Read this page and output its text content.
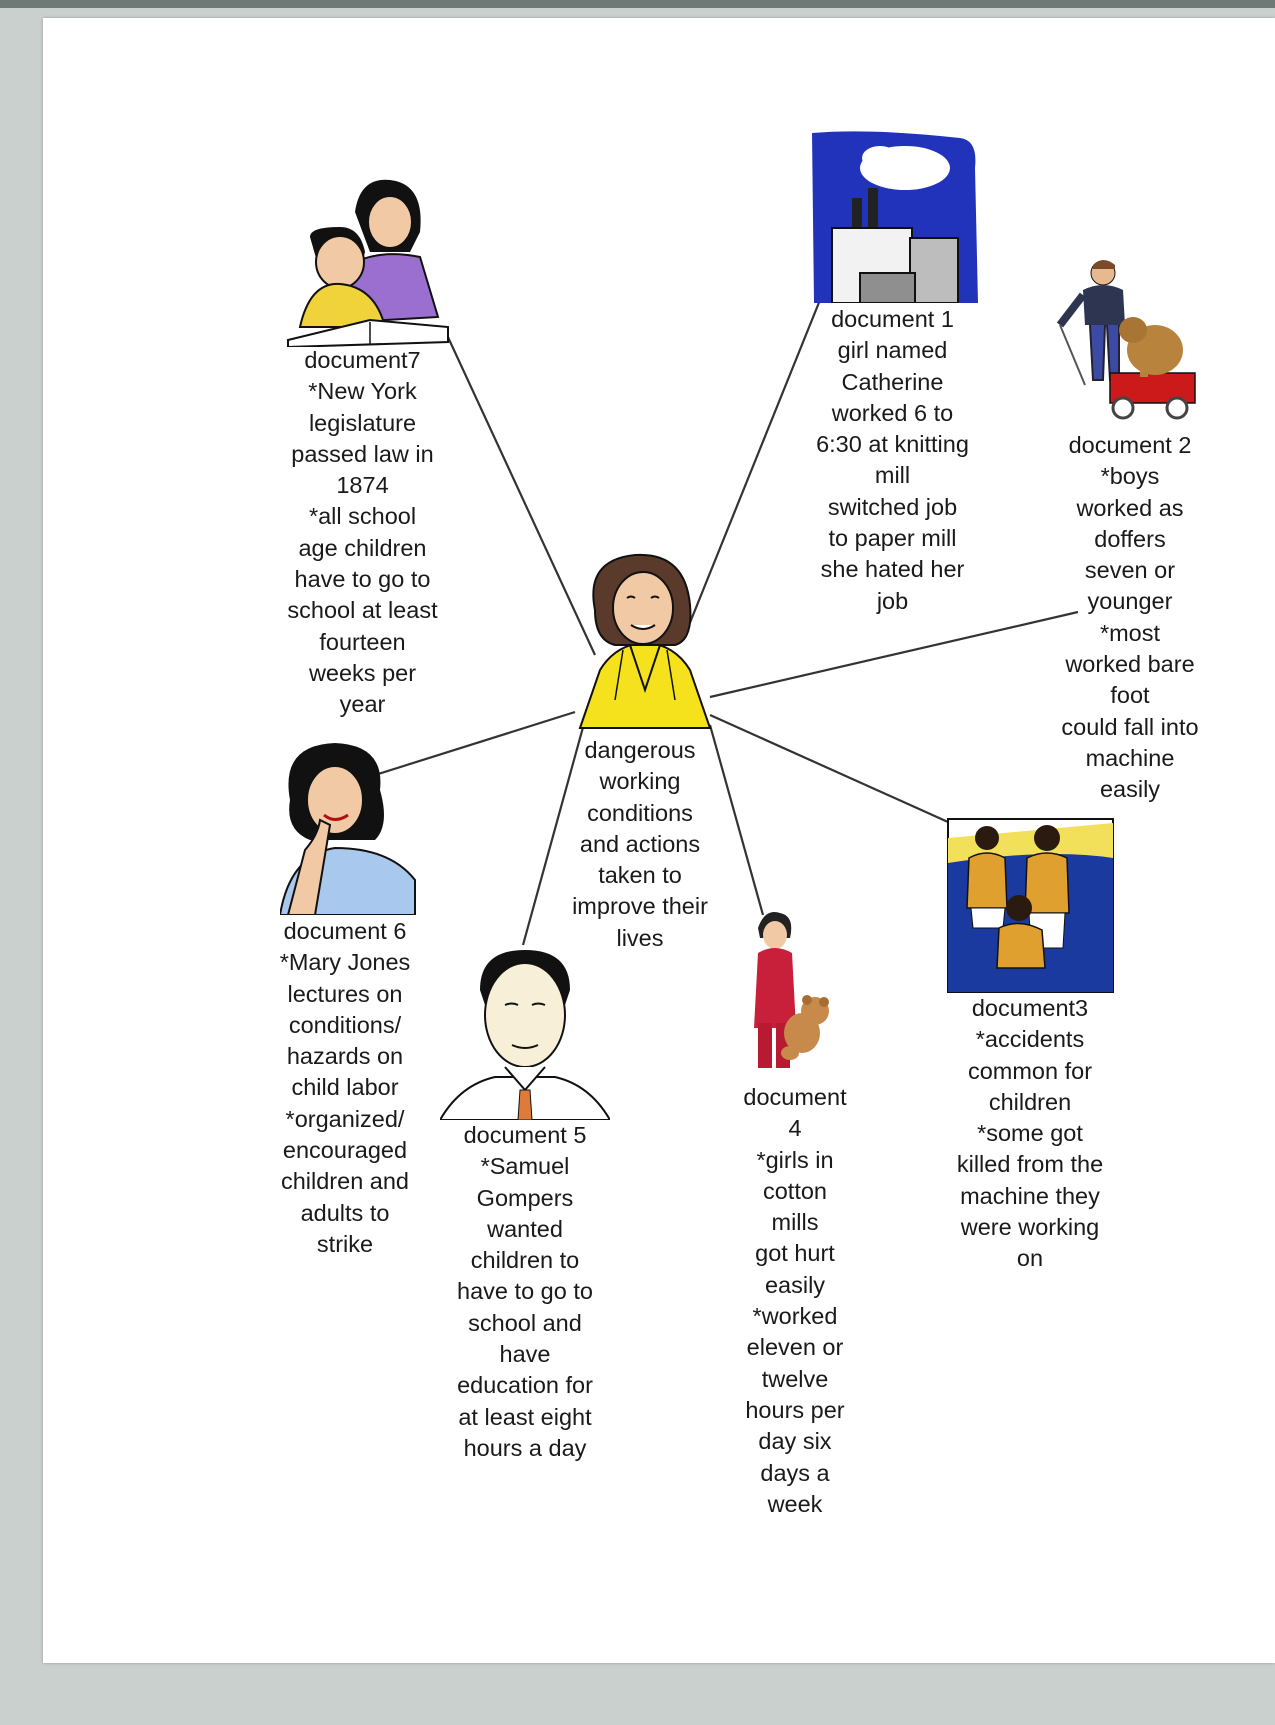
dangerous
working
conditions
and actions
taken to
improve their
lives
document7
*New York
legislature
passed law in
1874
*all school
age children
have to go to
school at least
fourteen
weeks per
year
document 1
girl named
Catherine
worked 6 to
6:30 at knitting
mill
switched job
to paper mill
she hated her
job
document 2
*boys
worked as
doffers
seven or
younger
*most
worked bare
foot
could fall into
machine
easily
document 6
*Mary Jones
lectures on
conditions/
hazards on
child labor
*organized/
encouraged
children and
adults to
strike
document 5
*Samuel
Gompers
wanted
children to
have to go to
school and
have
education for
at least eight
hours a day
document
4
*girls in
cotton
mills
got hurt
easily
*worked
eleven or
twelve
hours per
day six
days a
week
document3
*accidents
common for
children
*some got
killed from the
machine they
were working
on
